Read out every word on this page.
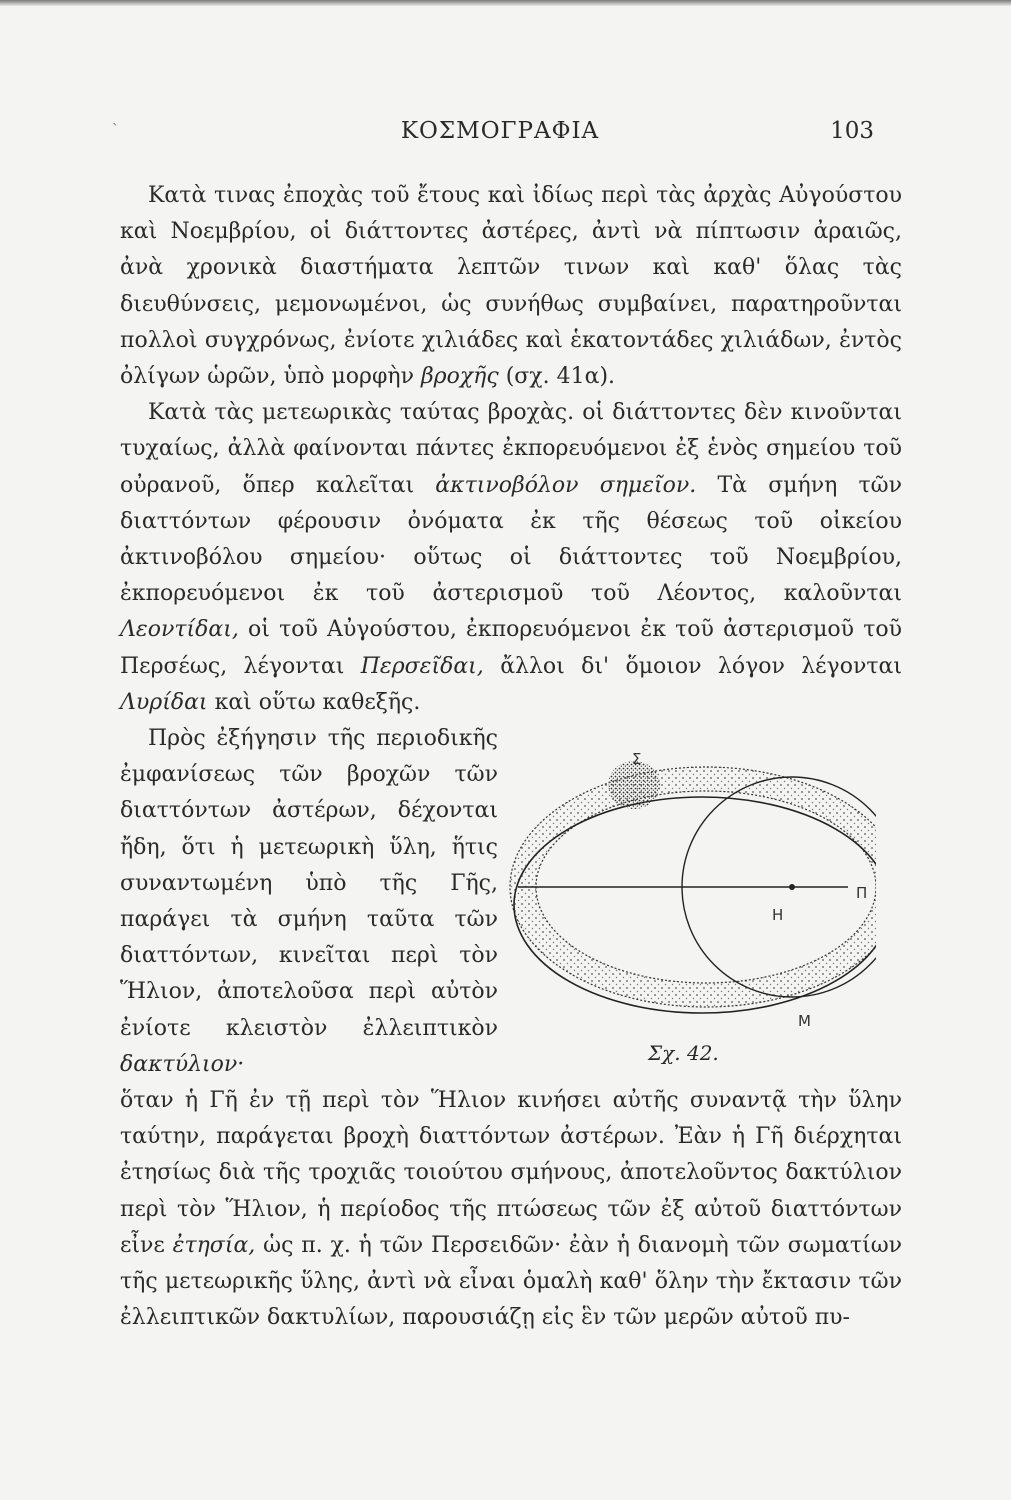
`	ΚΟΣΜΟΓΡΑΦΙΑ	103

Κατὰ τινας ἐποχὰς τοῦ ἔτους καὶ ἰδίως περὶ τὰς ἀρχὰς Αὐγούστου καὶ Νοεμβρίου, οἱ διάττοντες ἀστέρες, ἀντὶ νὰ πίπτωσιν ἀραιῶς, ἀνὰ χρονικὰ διαστήματα λεπτῶν τινων καὶ καθ' ὅλας τὰς διευθύνσεις, μεμονωμένοι, ὡς συνήθως συμβαίνει, παρατηροῦνται πολλοὶ συγχρόνως, ἐνίοτε χιλιάδες καὶ ἑκατοντάδες χιλιάδων, ἐντὸς ὀλίγων ὡρῶν, ὑπὸ μορφὴν βροχῆς (σχ. 41α).

Κατὰ τὰς μετεωρικὰς ταύτας βροχὰς. οἱ διάττοντες δὲν κινοῦνται τυχαίως, ἀλλὰ φαίνονται πάντες ἐκπορευόμενοι ἐξ ἑνὸς σημείου τοῦ οὐρανοῦ, ὅπερ καλεῖται ἀκτινοβόλον σημεῖον. Τὰ σμήνη τῶν διαττόντων φέρουσιν ὀνόματα ἐκ τῆς θέσεως τοῦ οἰκείου ἀκτινοβόλου σημείου· οὕτως οἱ διάττοντες τοῦ Νοεμβρίου, ἐκπορευόμενοι ἐκ τοῦ ἀστερισμοῦ τοῦ Λέοντος, καλοῦνται Λεοντίδαι, οἱ τοῦ Αὐγούστου, ἐκπορευόμενοι ἐκ τοῦ ἀστερισμοῦ τοῦ Περσέως, λέγονται Περσεῖδαι, ἄλλοι δι' ὅμοιον λόγον λέγονται Λυρίδαι καὶ οὕτω καθεξῆς.

Πρὸς ἐξήγησιν τῆς περιοδικῆς ἐμφανίσεως τῶν βροχῶν τῶν διαττόντων ἀστέρων, δέχονται ἤδη, ὅτι ἡ μετεωρικὴ ὕλη, ἥτις συναντωμένη ὑπὸ τῆς Γῆς, παράγει τὰ σμήνη ταῦτα τῶν διαττόντων, κινεῖται περὶ τὸν Ἥλιον, ἀποτελοῦσα περὶ αὐτὸν ἐνίοτε κλειστὸν ἐλλειπτικὸν δακτύλιον·

Σ
Π
Η
Μ
Σχ. 42.

ὅταν ἡ Γῆ ἐν τῇ περὶ τὸν Ἥλιον κινήσει αὐτῆς συναντᾷ τὴν ὕλην ταύτην, παράγεται βροχὴ διαττόντων ἀστέρων. Ἐὰν ἡ Γῆ διέρχηται ἐτησίως διὰ τῆς τροχιᾶς τοιούτου σμήνους, ἀποτελοῦντος δακτύλιον περὶ τὸν Ἥλιον, ἡ περίοδος τῆς πτώσεως τῶν ἐξ αὐτοῦ διαττόντων εἶνε ἐτησία, ὡς π. χ. ἡ τῶν Περσειδῶν· ἐὰν ἡ διανομὴ τῶν σωματίων τῆς μετεωρικῆς ὕλης, ἀντὶ νὰ εἶναι ὁμαλὴ καθ' ὅλην τὴν ἔκτασιν τῶν ἐλλειπτικῶν δακτυλίων, παρουσιάζῃ εἰς ἓν τῶν μερῶν αὐτοῦ πυ-
